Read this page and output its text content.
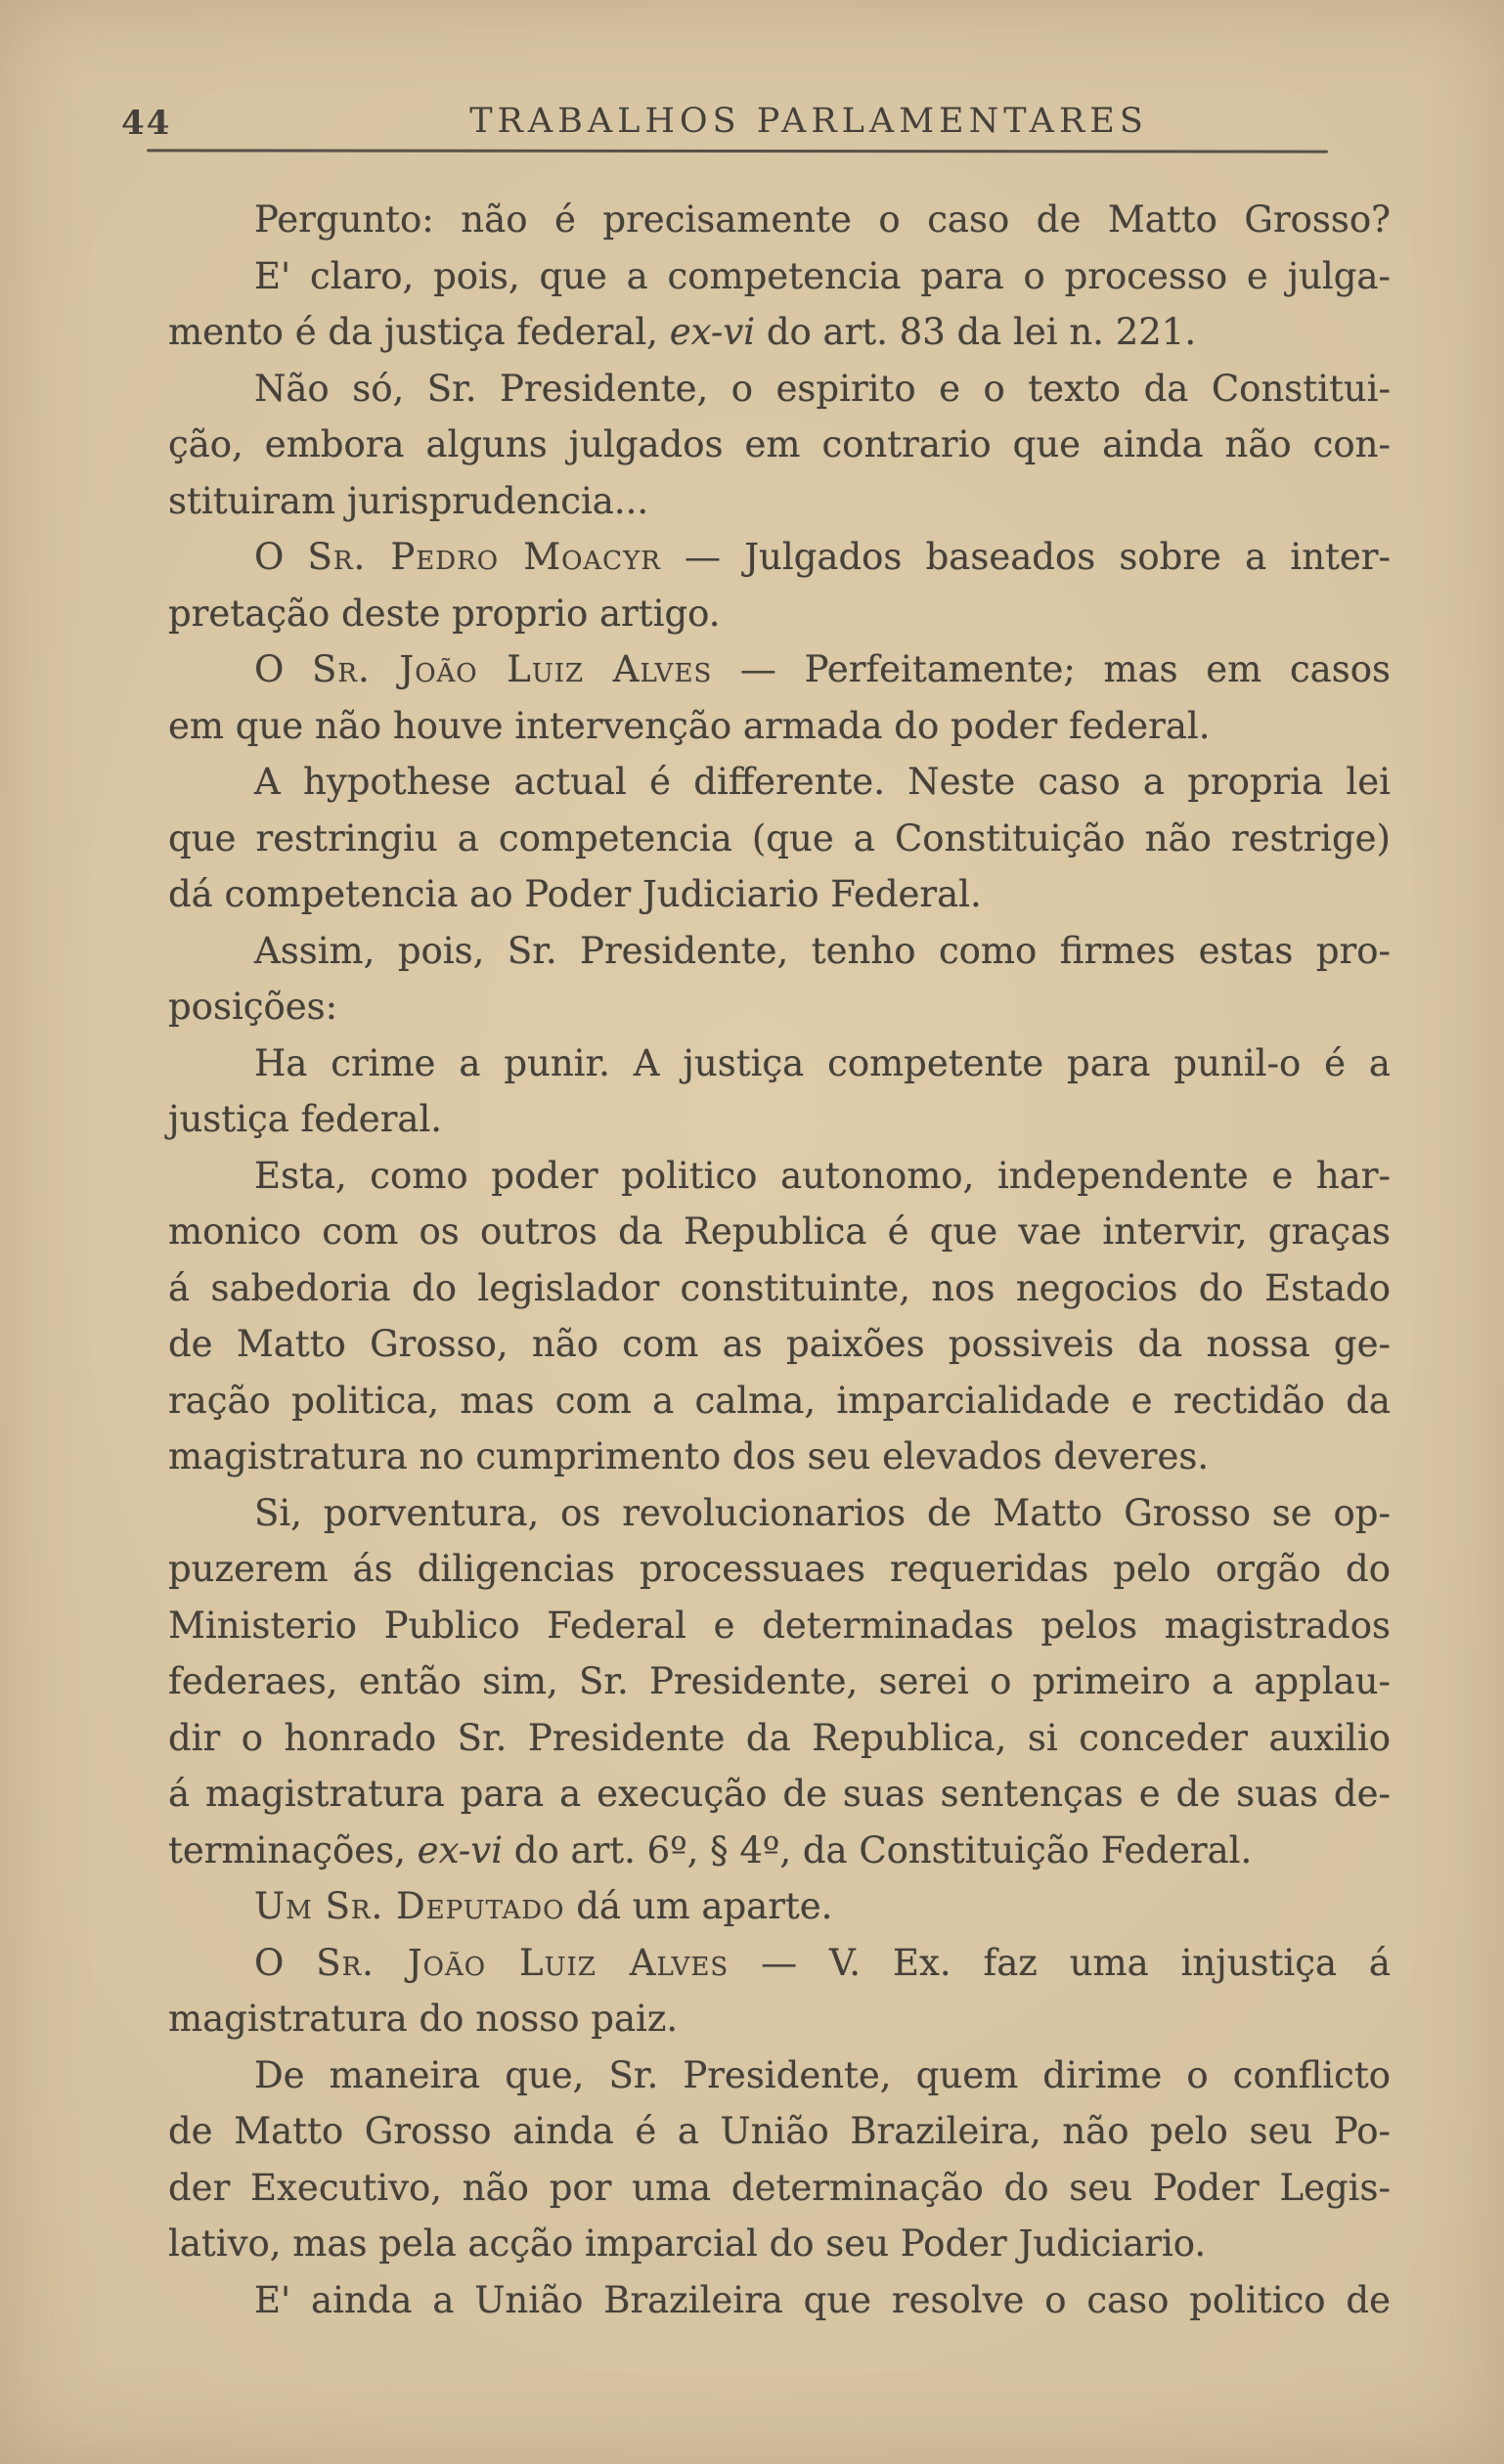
44	TRABALHOS PARLAMENTARES
Pergunto: não é precisamente o caso de Matto Grosso?
E' claro, pois, que a competencia para o processo e julga-
mento é da justiça federal, ex-vi do art. 83 da lei n. 221.
Não só, Sr. Presidente, o espirito e o texto da Constitui-
ção, embora alguns julgados em contrario que ainda não con-
stituiram jurisprudencia...
O Sr. Pedro Moacyr — Julgados baseados sobre a inter-
pretação deste proprio artigo.
O Sr. João Luiz Alves — Perfeitamente; mas em casos
em que não houve intervenção armada do poder federal.
A hypothese actual é differente. Neste caso a propria lei
que restringiu a competencia (que a Constituição não restrige)
dá competencia ao Poder Judiciario Federal.
Assim, pois, Sr. Presidente, tenho como firmes estas pro-
posições:
Ha crime a punir. A justiça competente para punil-o é a
justiça federal.
Esta, como poder politico autonomo, independente e har-
monico com os outros da Republica é que vae intervir, graças
á sabedoria do legislador constituinte, nos negocios do Estado
de Matto Grosso, não com as paixões possiveis da nossa ge-
ração politica, mas com a calma, imparcialidade e rectidão da
magistratura no cumprimento dos seu elevados deveres.
Si, porventura, os revolucionarios de Matto Grosso se op-
puzerem ás diligencias processuaes requeridas pelo orgão do
Ministerio Publico Federal e determinadas pelos magistrados
federaes, então sim, Sr. Presidente, serei o primeiro a applau-
dir o honrado Sr. Presidente da Republica, si conceder auxilio
á magistratura para a execução de suas sentenças e de suas de-
terminações, ex-vi do art. 6º, § 4º, da Constituição Federal.
Um Sr. Deputado dá um aparte.
O Sr. João Luiz Alves — V. Ex. faz uma injustiça á
magistratura do nosso paiz.
De maneira que, Sr. Presidente, quem dirime o conflicto
de Matto Grosso ainda é a União Brazileira, não pelo seu Po-
der Executivo, não por uma determinação do seu Poder Legis-
lativo, mas pela acção imparcial do seu Poder Judiciario.
E' ainda a União Brazileira que resolve o caso politico de
